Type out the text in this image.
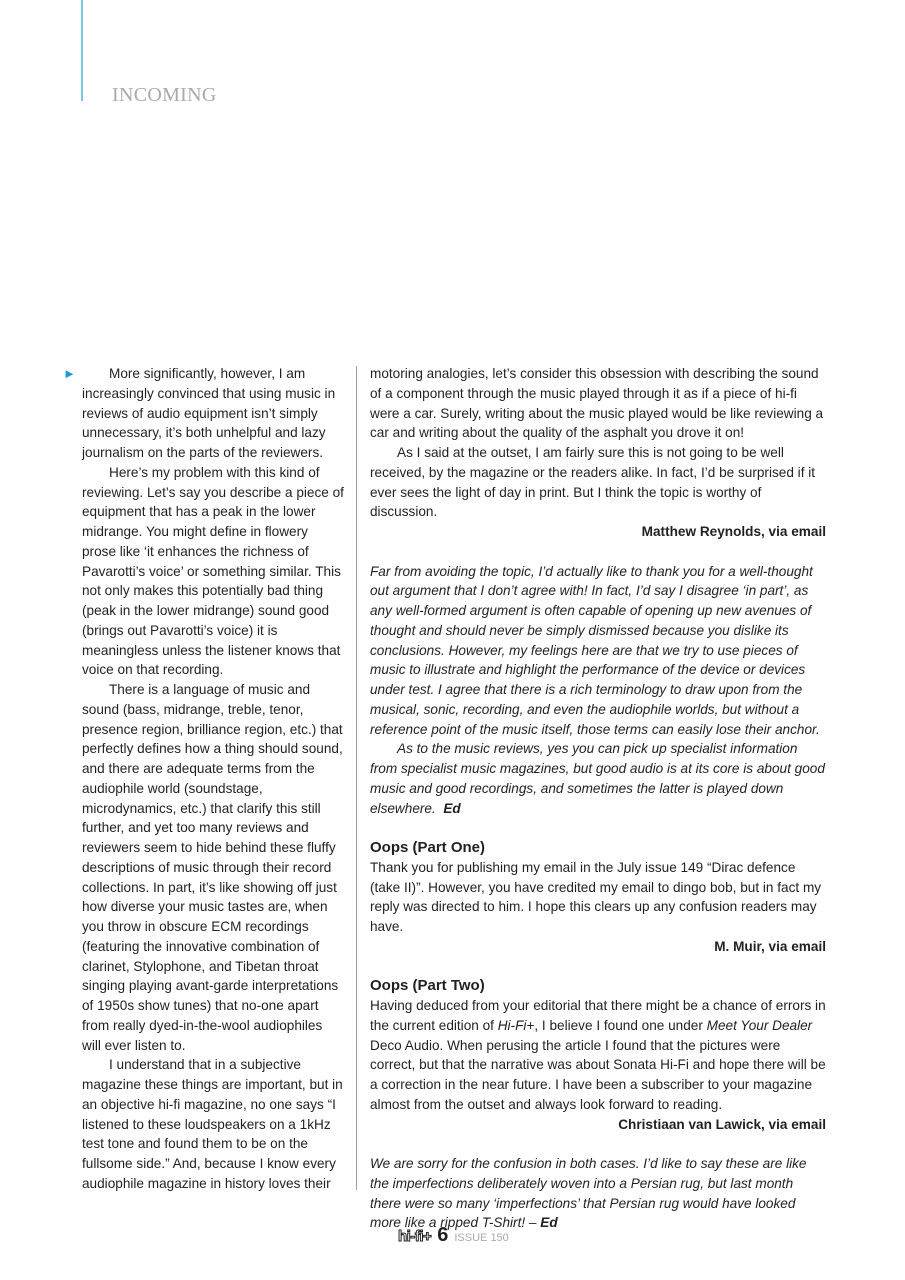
INCOMING
►	More significantly, however, I am increasingly convinced that using music in reviews of audio equipment isn’t simply unnecessary, it’s both unhelpful and lazy journalism on the parts of the reviewers.

Here’s my problem with this kind of reviewing. Let’s say you describe a piece of equipment that has a peak in the lower midrange. You might define in flowery prose like ‘it enhances the richness of Pavarotti’s voice’ or something similar. This not only makes this potentially bad thing (peak in the lower midrange) sound good (brings out Pavarotti’s voice) it is meaningless unless the listener knows that voice on that recording.

There is a language of music and sound (bass, midrange, treble, tenor, presence region, brilliance region, etc.) that perfectly defines how a thing should sound, and there are adequate terms from the audiophile world (soundstage, microdynamics, etc.) that clarify this still further, and yet too many reviews and reviewers seem to hide behind these fluffy descriptions of music through their record collections. In part, it’s like showing off just how diverse your music tastes are, when you throw in obscure ECM recordings (featuring the innovative combination of clarinet, Stylophone, and Tibetan throat singing playing avant-garde interpretations of 1950s show tunes) that no-one apart from really dyed-in-the-wool audiophiles will ever listen to.

I understand that in a subjective magazine these things are important, but in an objective hi-fi magazine, no one says “I listened to these loudspeakers on a 1kHz test tone and found them to be on the fullsome side.” And, because I know every audiophile magazine in history loves their

motoring analogies, let’s consider this obsession with describing the sound of a component through the music played through it as if a piece of hi-fi were a car. Surely, writing about the music played would be like reviewing a car and writing about the quality of the asphalt you drove it on!

As I said at the outset, I am fairly sure this is not going to be well received, by the magazine or the readers alike. In fact, I’d be surprised if it ever sees the light of day in print. But I think the topic is worthy of discussion.

Matthew Reynolds, via email

Far from avoiding the topic, I’d actually like to thank you for a well-thought out argument that I don’t agree with! In fact, I’d say I disagree ‘in part’, as any well-formed argument is often capable of opening up new avenues of thought and should never be simply dismissed because you dislike its conclusions. However, my feelings here are that we try to use pieces of music to illustrate and highlight the performance of the device or devices under test. I agree that there is a rich terminology to draw upon from the musical, sonic, recording, and even the audiophile worlds, but without a reference point of the music itself, those terms can easily lose their anchor.

As to the music reviews, yes you can pick up specialist information from specialist music magazines, but good audio is at its core is about good music and good recordings, and sometimes the latter is played down elsewhere. Ed

Oops (Part One)

Thank you for publishing my email in the July issue 149 “Dirac defence (take II)”. However, you have credited my email to dingo bob, but in fact my reply was directed to him. I hope this clears up any confusion readers may have.

M. Muir, via email

Oops (Part Two)

Having deduced from your editorial that there might be a chance of errors in the current edition of Hi-Fi+, I believe I found one under Meet Your Dealer Deco Audio. When perusing the article I found that the pictures were correct, but that the narrative was about Sonata Hi-Fi and hope there will be a correction in the near future. I have been a subscriber to your magazine almost from the outset and always look forward to reading.

Christiaan van Lawick, via email

We are sorry for the confusion in both cases. I’d like to say these are like the imperfections deliberately woven into a Persian rug, but last month there were so many ‘imperfections’ that Persian rug would have looked more like a ripped T-Shirt! – Ed

hi-fi+ 6 ISSUE 150
